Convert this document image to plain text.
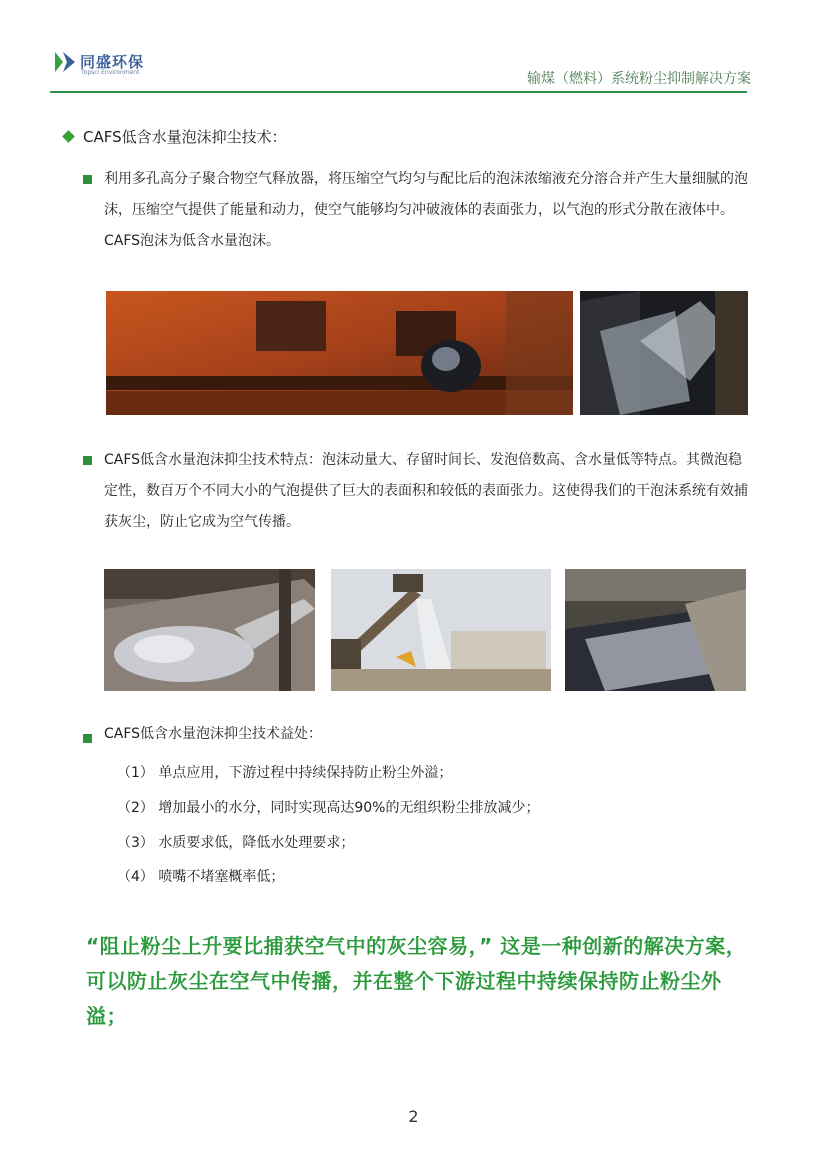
同盛环保
Topsci Environment	输煤（燃料）系统粉尘抑制解决方案
CAFS低含水量泡沫抑尘技术：
利用多孔高分子聚合物空气释放器，将压缩空气均匀与配比后的泡沫浓缩液充分溶合并产生大量细腻的泡沫，压缩空气提供了能量和动力，使空气能够均匀冲破液体的表面张力，以气泡的形式分散在液体中。 CAFS泡沫为低含水量泡沫。
CAFS低含水量泡沫抑尘技术特点：泡沫动量大、存留时间长、发泡倍数高、含水量低等特点。其微泡稳定性，数百万个不同大小的气泡提供了巨大的表面积和较低的表面张力。这使得我们的干泡沫系统有效捕获灰尘，防止它成为空气传播。
CAFS低含水量泡沫抑尘技术益处：
（1） 单点应用，下游过程中持续保持防止粉尘外溢；
（2） 增加最小的水分，同时实现高达90%的无组织粉尘排放减少；
（3） 水质要求低，降低水处理要求；
（4） 喷嘴不堵塞概率低；
“阻止粉尘上升要比捕获空气中的灰尘容易，” 这是一种创新的解决方案，可以防止灰尘在空气中传播，并在整个下游过程中持续保持防止粉尘外溢；
2
